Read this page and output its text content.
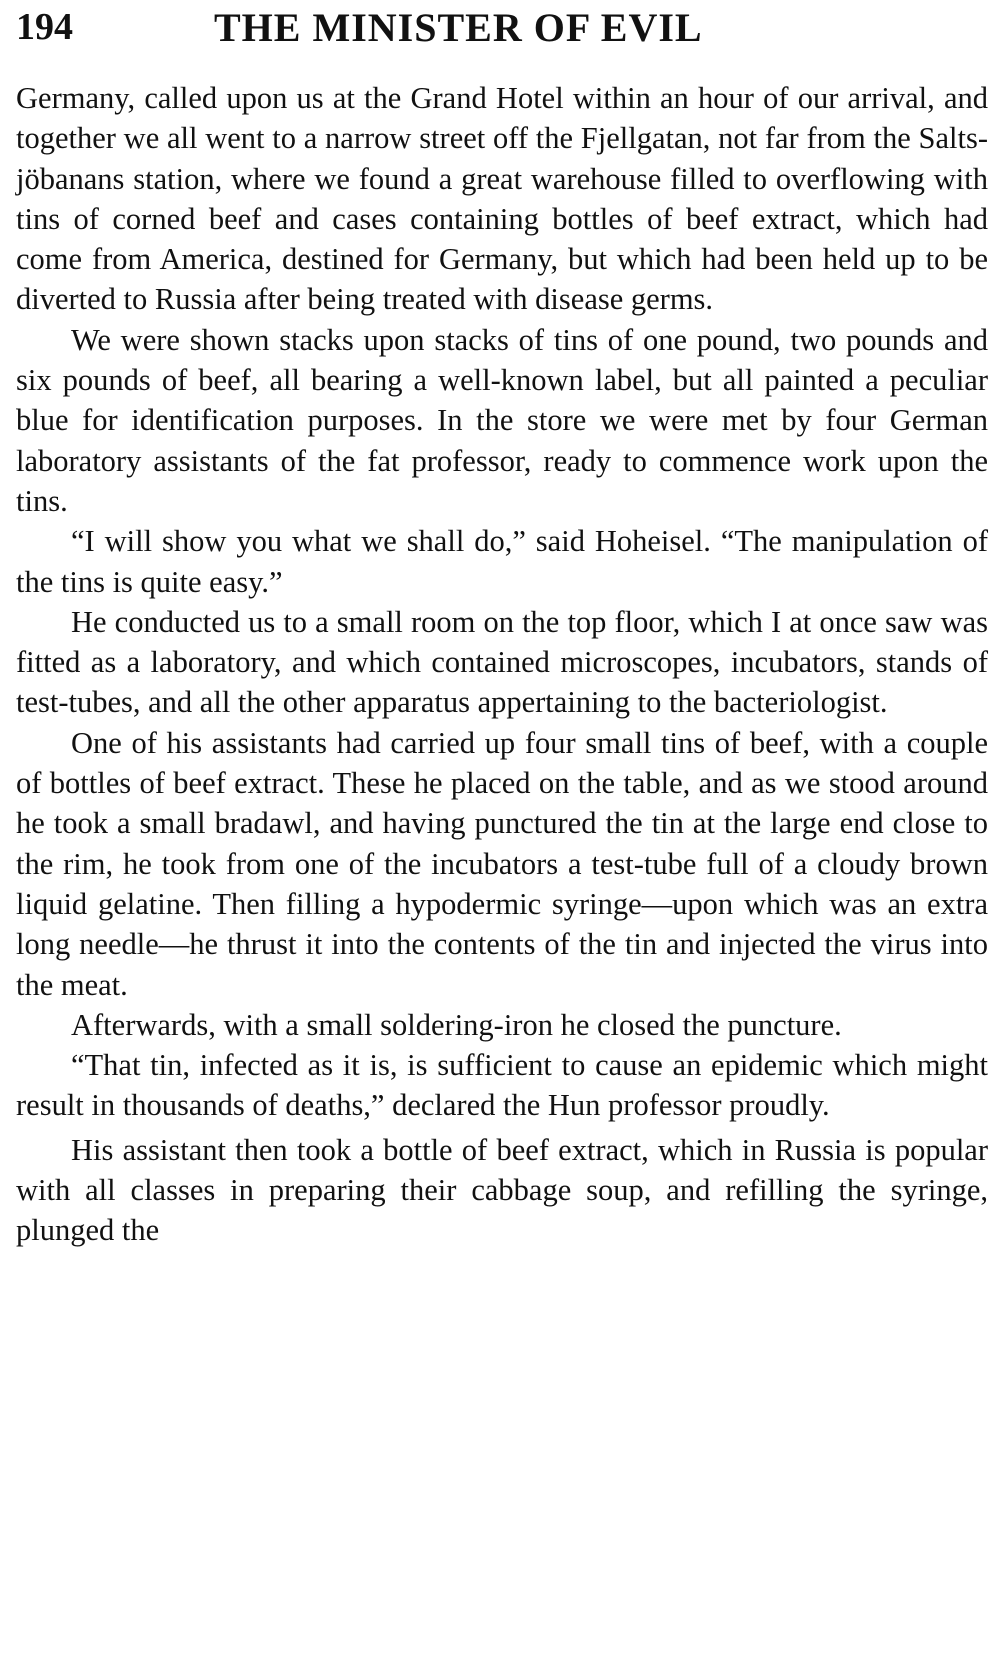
194	THE MINISTER OF EVIL

Germany, called upon us at the Grand Hotel within an hour of our arrival, and together we all went to a narrow street off the Fjellgatan, not far from the Salts-jöbanans station, where we found a great warehouse filled to overflowing with tins of corned beef and cases containing bottles of beef extract, which had come from America, destined for Germany, but which had been held up to be diverted to Russia after being treated with disease germs.

We were shown stacks upon stacks of tins of one pound, two pounds and six pounds of beef, all bearing a well-known label, but all painted a peculiar blue for identification purposes. In the store we were met by four German laboratory assistants of the fat professor, ready to commence work upon the tins.

“I will show you what we shall do,” said Hoheisel. “The manipulation of the tins is quite easy.”

He conducted us to a small room on the top floor, which I at once saw was fitted as a laboratory, and which contained microscopes, incubators, stands of test-tubes, and all the other apparatus appertaining to the bacteriologist.

One of his assistants had carried up four small tins of beef, with a couple of bottles of beef extract. These he placed on the table, and as we stood around he took a small bradawl, and having punctured the tin at the large end close to the rim, he took from one of the incubators a test-tube full of a cloudy brown liquid gelatine. Then filling a hypodermic syringe—upon which was an extra long needle—he thrust it into the contents of the tin and injected the virus into the meat.

Afterwards, with a small soldering-iron he closed the puncture.

“That tin, infected as it is, is sufficient to cause an epidemic which might result in thousands of deaths,” declared the Hun professor proudly.

His assistant then took a bottle of beef extract, which in Russia is popular with all classes in preparing their cabbage soup, and refilling the syringe, plunged the
